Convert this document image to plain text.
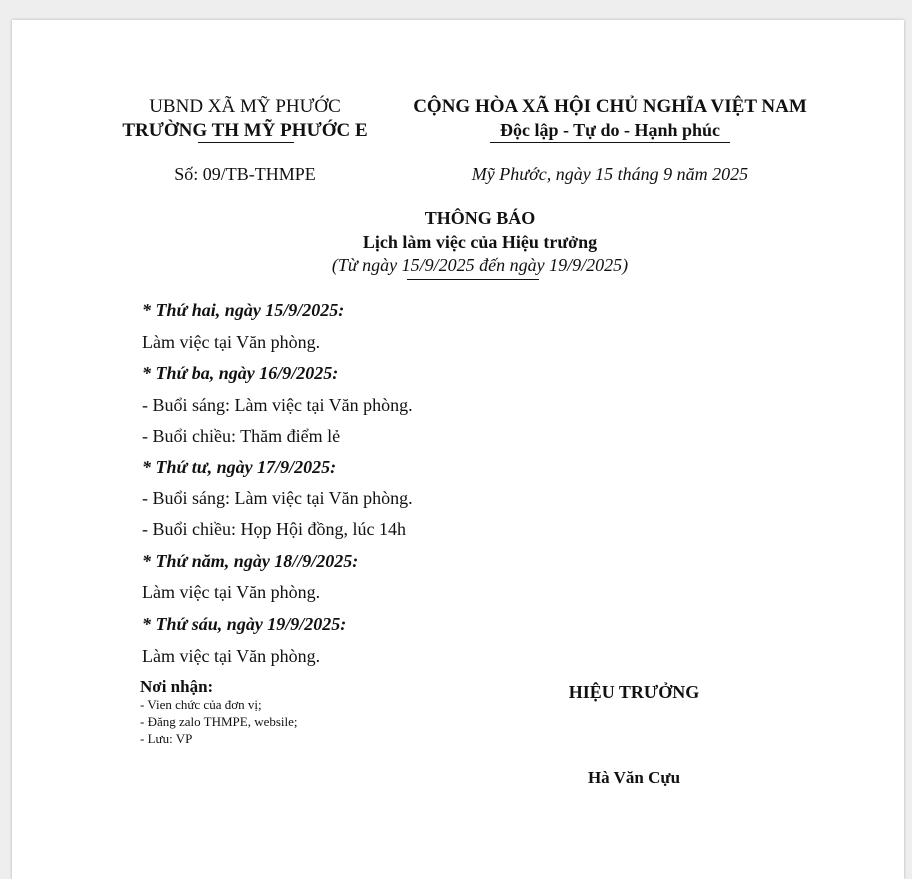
UBND XÃ MỸ PHƯỚC
TRƯỜNG TH MỸ PHƯỚC E
CỘNG HÒA XÃ HỘI CHỦ NGHĨA VIỆT NAM
Độc lập - Tự do - Hạnh phúc
Số: 09/TB-THMPE	Mỹ Phước, ngày 15 tháng 9 năm 2025
THÔNG BÁO
Lịch làm việc của Hiệu trưởng
(Từ ngày 15/9/2025 đến ngày 19/9/2025)
* Thứ hai, ngày 15/9/2025:
Làm việc tại Văn phòng.
* Thứ ba, ngày 16/9/2025:
- Buổi sáng: Làm việc tại Văn phòng.
- Buổi chiều: Thăm điểm lẻ
* Thứ tư, ngày 17/9/2025:
- Buổi sáng: Làm việc tại Văn phòng.
- Buổi chiều: Họp Hội đồng, lúc 14h
* Thứ năm, ngày 18//9/2025:
Làm việc tại Văn phòng.
* Thứ sáu, ngày 19/9/2025:
Làm việc tại Văn phòng.
Nơi nhận:
- Vien chức của đơn vị;
- Đăng zalo THMPE, websile;
- Lưu: VP
HIỆU TRƯỞNG
Hà Văn Cựu
